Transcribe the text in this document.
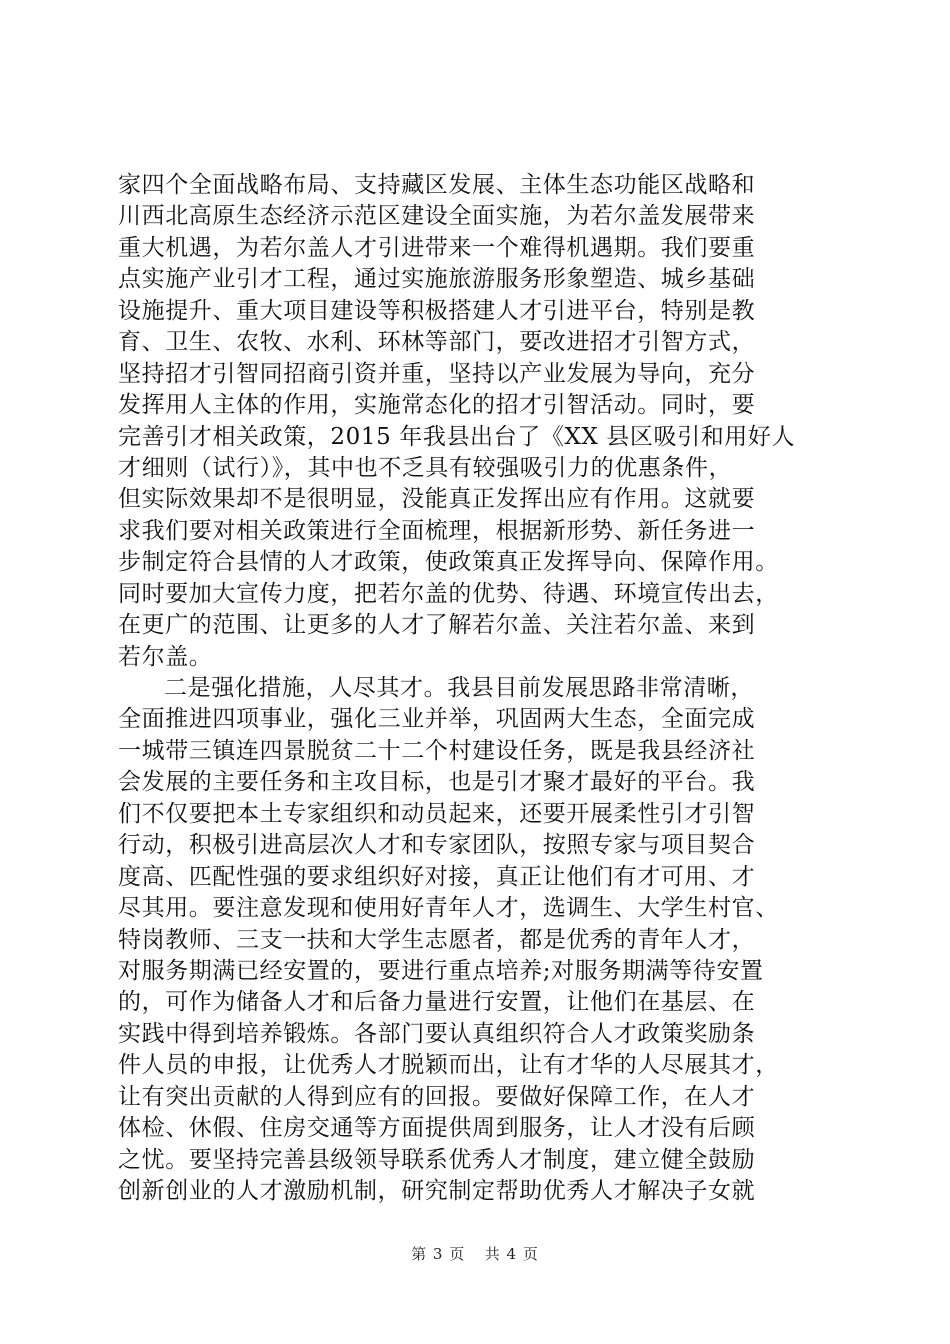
家四个全面战略布局、支持藏区发展、主体生态功能区战略和
川西北高原生态经济示范区建设全面实施，为若尔盖发展带来
重大机遇，为若尔盖人才引进带来一个难得机遇期。我们要重
点实施产业引才工程，通过实施旅游服务形象塑造、城乡基础
设施提升、重大项目建设等积极搭建人才引进平台，特别是教
育、卫生、农牧、水利、环林等部门，要改进招才引智方式，
坚持招才引智同招商引资并重，坚持以产业发展为导向，充分
发挥用人主体的作用，实施常态化的招才引智活动。同时，要
完善引才相关政策，2015 年我县出台了《XX 县区吸引和用好人
才细则（试行）》，其中也不乏具有较强吸引力的优惠条件，
但实际效果却不是很明显，没能真正发挥出应有作用。这就要
求我们要对相关政策进行全面梳理，根据新形势、新任务进一
步制定符合县情的人才政策，使政策真正发挥导向、保障作用。
同时要加大宣传力度，把若尔盖的优势、待遇、环境宣传出去，
在更广的范围、让更多的人才了解若尔盖、关注若尔盖、来到
若尔盖。
二是强化措施，人尽其才。我县目前发展思路非常清晰，
全面推进四项事业，强化三业并举，巩固两大生态，全面完成
一城带三镇连四景脱贫二十二个村建设任务，既是我县经济社
会发展的主要任务和主攻目标，也是引才聚才最好的平台。我
们不仅要把本土专家组织和动员起来，还要开展柔性引才引智
行动，积极引进高层次人才和专家团队，按照专家与项目契合
度高、匹配性强的要求组织好对接，真正让他们有才可用、才
尽其用。要注意发现和使用好青年人才，选调生、大学生村官、
特岗教师、三支一扶和大学生志愿者，都是优秀的青年人才，
对服务期满已经安置的，要进行重点培养;对服务期满等待安置
的，可作为储备人才和后备力量进行安置，让他们在基层、在
实践中得到培养锻炼。各部门要认真组织符合人才政策奖励条
件人员的申报，让优秀人才脱颖而出，让有才华的人尽展其才，
让有突出贡献的人得到应有的回报。要做好保障工作，在人才
体检、休假、住房交通等方面提供周到服务，让人才没有后顾
之忧。要坚持完善县级领导联系优秀人才制度，建立健全鼓励
创新创业的人才激励机制，研究制定帮助优秀人才解决子女就
第 3 页 共 4 页
